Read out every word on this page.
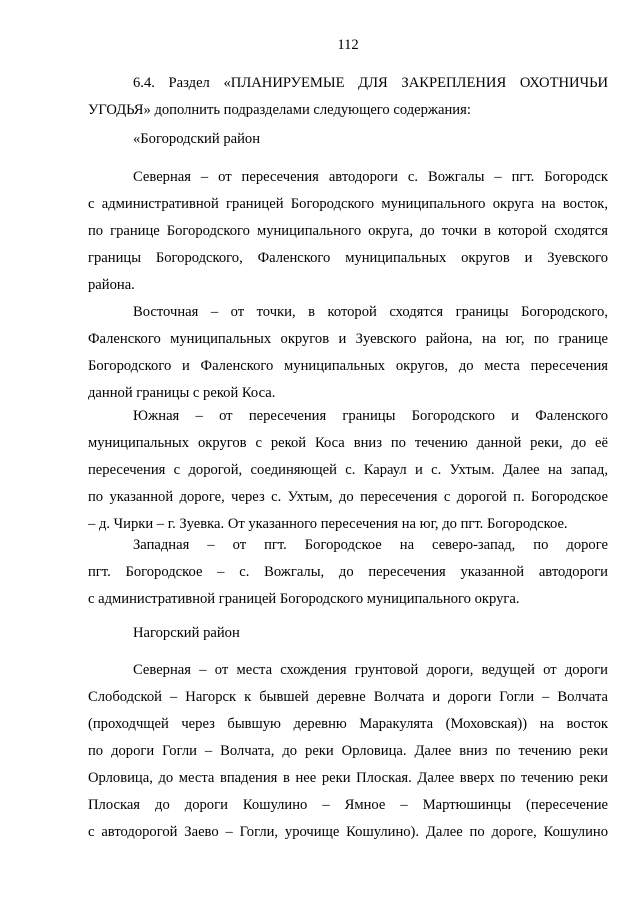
112
6.4. Раздел «ПЛАНИРУЕМЫЕ ДЛЯ ЗАКРЕПЛЕНИЯ ОХОТНИЧЬИ
УГОДЬЯ» дополнить подразделами следующего содержания:
«Богородский район
Северная – от пересечения автодороги с. Вожгалы – пгт. Богородск
с административной границей Богородского муниципального округа на восток,
по границе Богородского муниципального округа, до точки в которой сходятся
границы Богородского, Фаленского муниципальных округов и Зуевского
района.
Восточная – от точки, в которой сходятся границы Богородского,
Фаленского муниципальных округов и Зуевского района, на юг, по границе
Богородского и Фаленского муниципальных округов, до места пересечения
данной границы с рекой Коса.
Южная – от пересечения границы Богородского и Фаленского
муниципальных округов с рекой Коса вниз по течению данной реки, до её
пересечения с дорогой, соединяющей с. Караул и с. Ухтым. Далее на запад,
по указанной дороге, через с. Ухтым, до пересечения с дорогой п. Богородское
– д. Чирки – г. Зуевка. От указанного пересечения на юг, до пгт. Богородское.
Западная – от пгт. Богородское на северо-запад, по дороге
пгт. Богородское – с. Вожгалы, до пересечения указанной автодороги
с административной границей Богородского муниципального округа.
Нагорский район
Северная – от места схождения грунтовой дороги, ведущей от дороги
Слободской – Нагорск к бывшей деревне Волчата и дороги Гогли – Волчата
(проходчщей через бывшую деревню Маракулята (Моховская)) на восток
по дороги Гогли – Волчата, до реки Орловица. Далее вниз по течению реки
Орловица, до места впадения в нее реки Плоская. Далее вверх по течению реки
Плоская до дороги Кошулино – Ямное – Мартюшинцы (пересечение
с автодорогой Заево – Гогли, урочище Кошулино). Далее по дороге, Кошулино
